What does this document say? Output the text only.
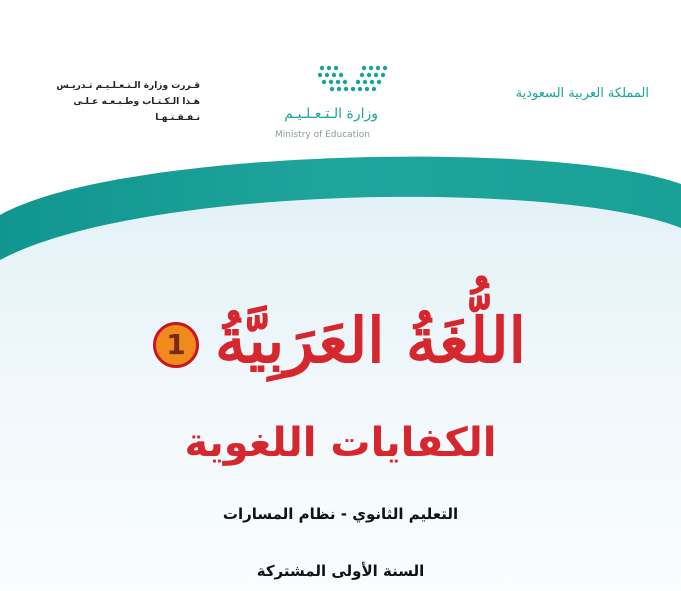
المملكة العربية السعودية
قـررت وزارة الـتـعـلـيـم تـدريـس
هـذا الـكـتـاب وطـبـعـه عـلـى نـفـقـتـهـا	وزارة الـتـعـلـيـم
Ministry of Education
اللُّغَةُ العَرَبِيَّةُ
1
الكفايات اللغوية
التعليم الثانوي - نظام المسارات
السنة الأولى المشتركة
